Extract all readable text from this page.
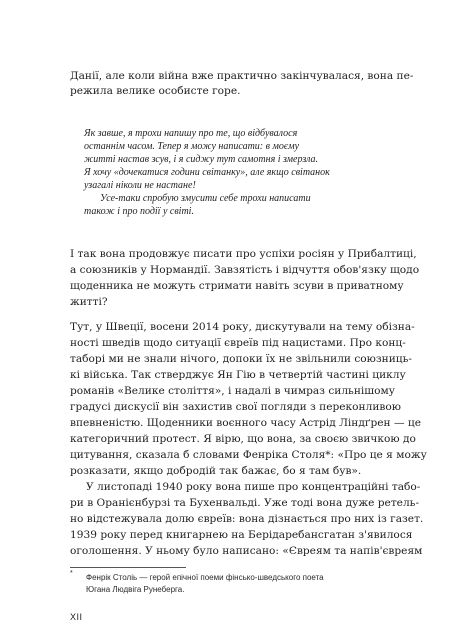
Данії, але коли війна вже практично закінчувалася, вона пе-
режила велике особисте горе.
Як завше, я трохи напишу про те, що відбувалося
останнім часом. Тепер я можу написати: в моєму
житті настав зсув, і я сиджу тут самотня і змерзла.
Я хочу «дочекатися години світанку», але якщо світанок
узагалі ніколи не настане!
Усе-таки спробую змусити себе трохи написати
також і про події у світі.
І так вона продовжує писати про успіхи росіян у Прибалтиці,
а союзників у Нормандії. Завзятість і відчуття обов'язку щодо
щоденника не можуть стримати навіть зсуви в приватному
житті?
Тут, у Швеції, восени 2014 року, дискутували на тему обізна-
ності шведів щодо ситуації євреїв під нацистами. Про конц-
таборі ми не знали нічого, допоки їх не звільнили союзниць-
кі війська. Так стверджує Ян Гію в четвертій частині циклу
романів «Велике століття», і надалі в чимраз сильнішому
градусі дискусії він захистив свої погляди з переконливою
впевненістю. Щоденники воєнного часу Астрід Ліндґрен — це
категоричний протест. Я вірю, що вона, за своєю звичкою до
цитування, сказала б словами Фенріка Столя*: «Про це я можу
розказати, якщо добродій так бажає, бо я там був».
У листопаді 1940 року вона пише про концентраційні табо-
ри в Оранієнбурзі та Бухенвальді. Уже тоді вона дуже ретель-
но відстежувала долю євреїв: вона дізнається про них із газет.
1939 року перед книгарнею на Берідаребансгатан з'явилося
оголошення. У ньому було написано: «Євреям та напів'євреям
* Фенрік Століь — герой епічної поеми фінсько-шведського поета
Югана Людвіга Рунеберга.
XII
